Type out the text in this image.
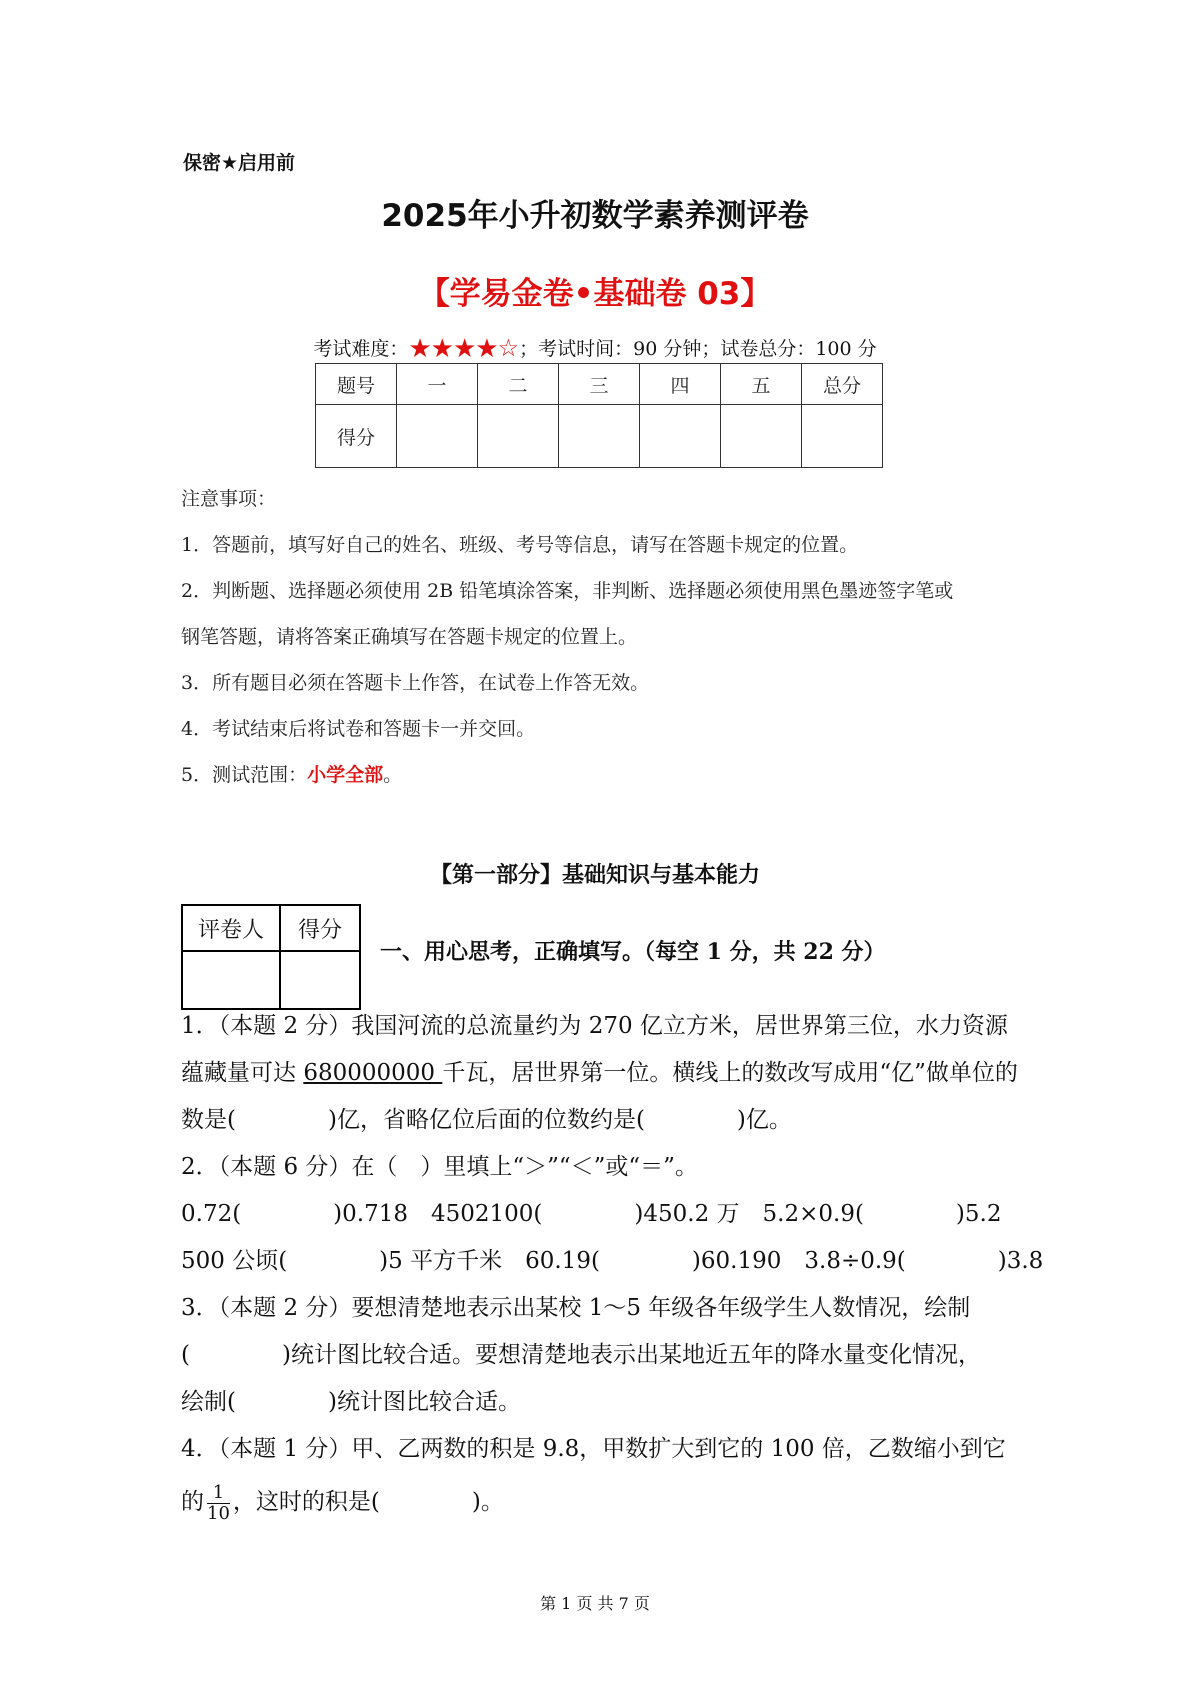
保密★启用前
2025年小升初数学素养测评卷
【学易金卷•基础卷 03】
考试难度：★★★★☆；考试时间：90 分钟；试卷总分：100 分
题号	一	二	三	四	五	总分
得分						

注意事项：

1．答题前，填写好自己的姓名、班级、考号等信息，请写在答题卡规定的位置。

2．判断题、选择题必须使用 2B 铅笔填涂答案，非判断、选择题必须使用黑色墨迹签字笔或

钢笔答题，请将答案正确填写在答题卡规定的位置上。

3．所有题目必须在答题卡上作答，在试卷上作答无效。

4．考试结束后将试卷和答题卡一并交回。

5．测试范围：小学全部。

【第一部分】基础知识与基本能力
评卷人	得分

一、用心思考，正确填写。（每空 1 分，共 22 分）

1．（本题 2 分）我国河流的总流量约为 270 亿立方米，居世界第三位，水力资源

蕴藏量可达 680000000 千瓦，居世界第一位。横线上的数改写成用“亿”做单位的

数是(　　　　)亿，省略亿位后面的位数约是(　　　　)亿。

2．（本题 6 分）在（　）里填上“＞”“＜”或“＝”。

0.72(　　　　)0.718　4502100(　　　　)450.2 万　5.2×0.9(　　　　)5.2

500 公顷(　　　　)5 平方千米　60.19(　　　　)60.190　3.8÷0.9(　　　　)3.8

3．（本题 2 分）要想清楚地表示出某校 1～5 年级各年级学生人数情况，绘制

(　　　　)统计图比较合适。要想清楚地表示出某地近五年的降水量变化情况，

绘制(　　　　)统计图比较合适。

4．（本题 1 分）甲、乙两数的积是 9.8，甲数扩大到它的 100 倍，乙数缩小到它

的 $\frac{1}{10}$ ，这时的积是(　　　　)。

第 1 页 共 7 页
